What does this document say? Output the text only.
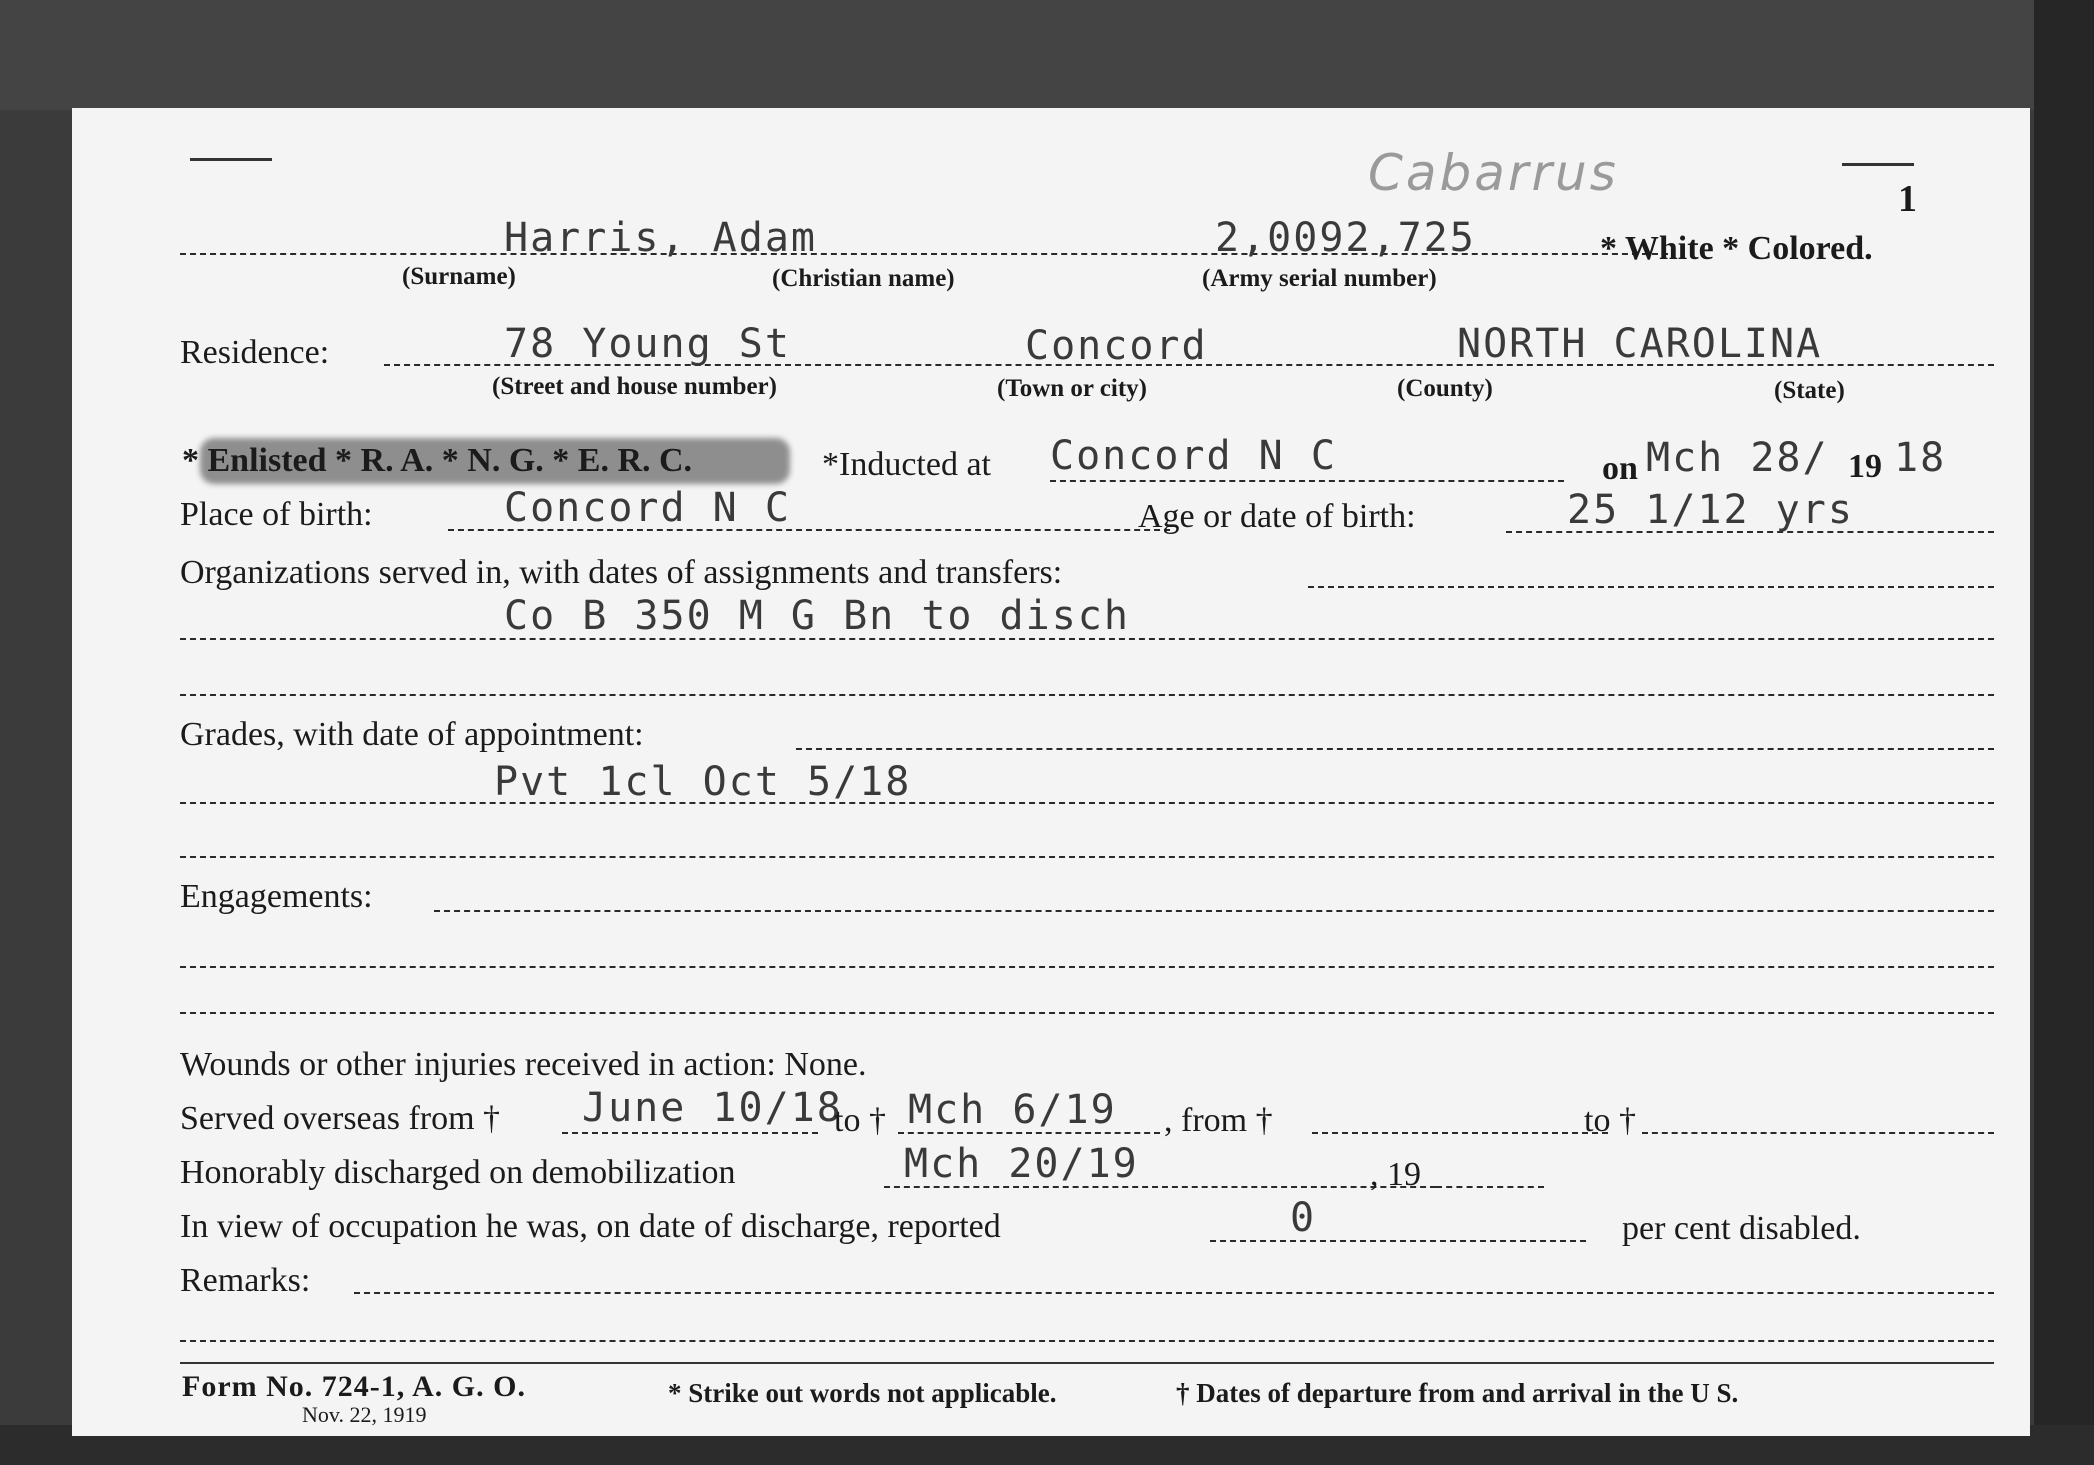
1
Cabarrus
Harris, Adam	2,0092,725	* White * Colored.
(Surname)	(Christian name)	(Army serial number)
Residence:	78 Young St	Concord	NORTH CAROLINA
(Street and house number)	(Town or city)	(County)	(State)
* Enlisted * R. A. * N. G. * E. R. C.	*Inducted at Concord N C	on Mch 28/ 19 18
Place of birth:	Concord N C	Age or date of birth:	25 1/12 yrs
Organizations served in, with dates of assignments and transfers:
Co B 350 M G Bn to disch
Grades, with date of appointment:
Pvt 1cl Oct 5/18
Engagements:
Wounds or other injuries received in action: None.
Served overseas from † June 10/18
to † Mch 6/19 , from †	to †
Honorably discharged on demobilization	Mch 20/19	, 19
In view of occupation he was, on date of discharge, reported	0	per cent disabled.
Remarks:
Form No. 724-1, A. G. O.
Nov. 22, 1919
* Strike out words not applicable.	† Dates of departure from and arrival in the U S.
